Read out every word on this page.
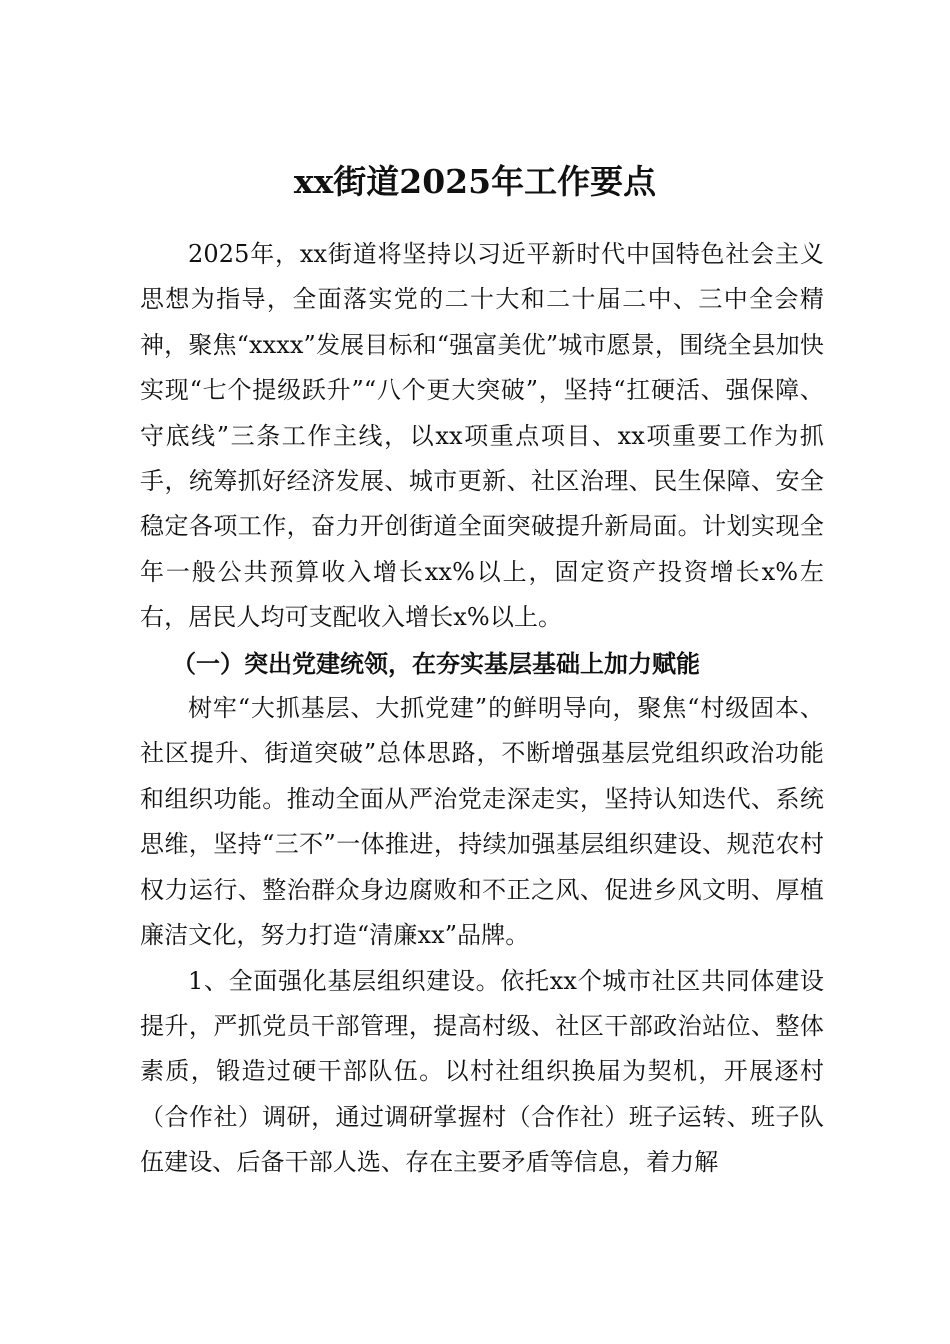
xx街道2025年工作要点

2025年，xx街道将坚持以习近平新时代中国特色社会主义思想为指导，全面落实党的二十大和二十届二中、三中全会精神，聚焦“xxxx”发展目标和“强富美优”城市愿景，围绕全县加快实现“七个提级跃升”“八个更大突破”，坚持“扛硬活、强保障、守底线”三条工作主线，以xx项重点项目、xx项重要工作为抓手，统筹抓好经济发展、城市更新、社区治理、民生保障、安全稳定各项工作，奋力开创街道全面突破提升新局面。计划实现全年一般公共预算收入增长xx%以上，固定资产投资增长x%左右，居民人均可支配收入增长x%以上。

（一）突出党建统领，在夯实基层基础上加力赋能

树牢“大抓基层、大抓党建”的鲜明导向，聚焦“村级固本、社区提升、街道突破”总体思路，不断增强基层党组织政治功能和组织功能。推动全面从严治党走深走实，坚持认知迭代、系统思维，坚持“三不”一体推进，持续加强基层组织建设、规范农村权力运行、整治群众身边腐败和不正之风、促进乡风文明、厚植廉洁文化，努力打造“清廉xx”品牌。

1、全面强化基层组织建设。依托xx个城市社区共同体建设提升，严抓党员干部管理，提高村级、社区干部政治站位、整体素质，锻造过硬干部队伍。以村社组织换届为契机，开展逐村（合作社）调研，通过调研掌握村（合作社）班子运转、班子队伍建设、后备干部人选、存在主要矛盾等信息，着力解
